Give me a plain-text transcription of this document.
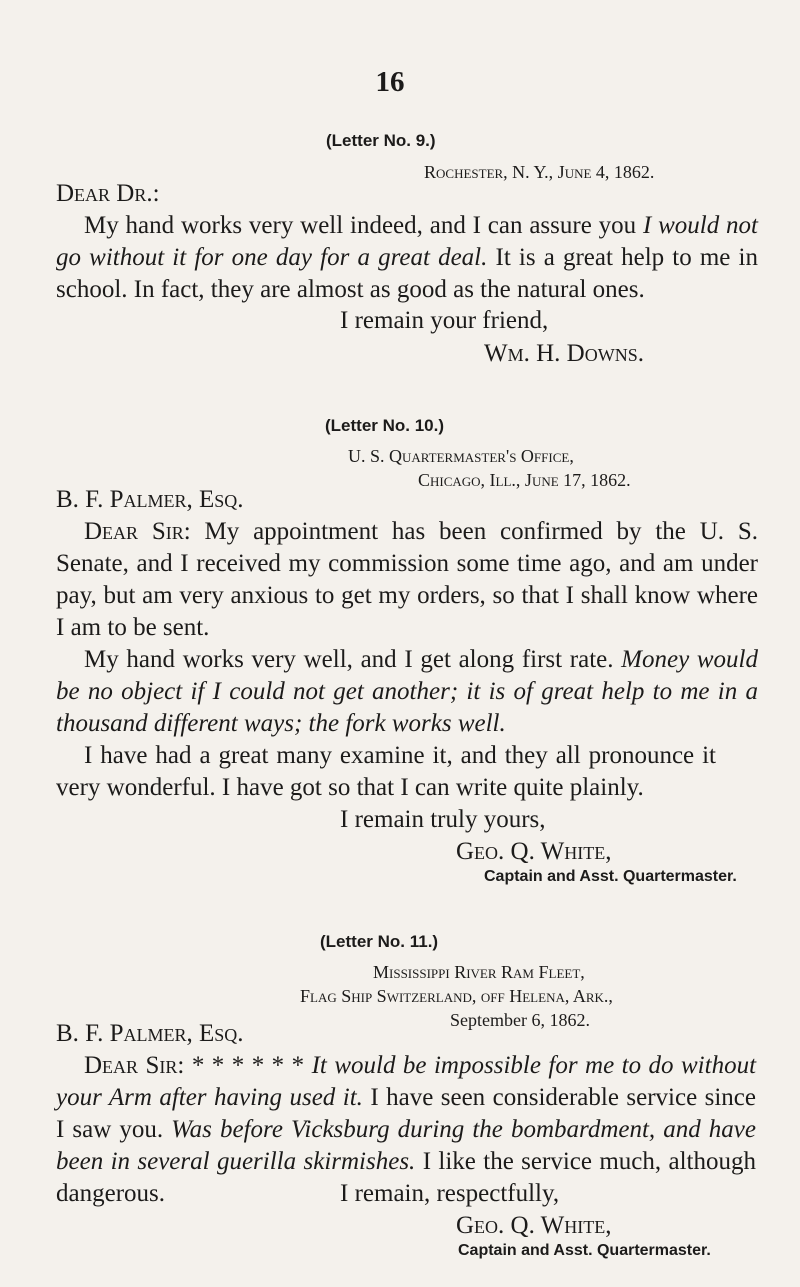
16
(Letter No. 9.)
Rochester, N. Y., June 4, 1862.
Dear Dr.:

My hand works very well indeed, and I can assure you I would not go without it for one day for a great deal. It is a great help to me in school. In fact, they are almost as good as the natural ones.

I remain your friend,
Wm. H. Downs.
(Letter No. 10.)
U. S. Quartermaster's Office,
Chicago, Ill., June 17, 1862.
B. F. Palmer, Esq.

Dear Sir: My appointment has been confirmed by the U. S. Senate, and I received my commission some time ago, and am under pay, but am very anxious to get my orders, so that I shall know where I am to be sent.

My hand works very well, and I get along first rate. Money would be no object if I could not get another; it is of great help to me in a thousand different ways; the fork works well.

I have had a great many examine it, and they all pronounce it very wonderful. I have got so that I can write quite plainly.

I remain truly yours,
Geo. Q. White,
Captain and Asst. Quartermaster.
(Letter No. 11.)
Mississippi River Ram Fleet,
Flag Ship Switzerland, off Helena, Ark.,
September 6, 1862.
B. F. Palmer, Esq.

Dear Sir: * * * * * * It would be impossible for me to do without your Arm after having used it. I have seen considerable service since I saw you. Was before Vicksburg during the bombardment, and have been in several guerilla skirmishes. I like the service much, although dangerous.	I remain, respectfully,
Geo. Q. White,
Captain and Asst. Quartermaster.
